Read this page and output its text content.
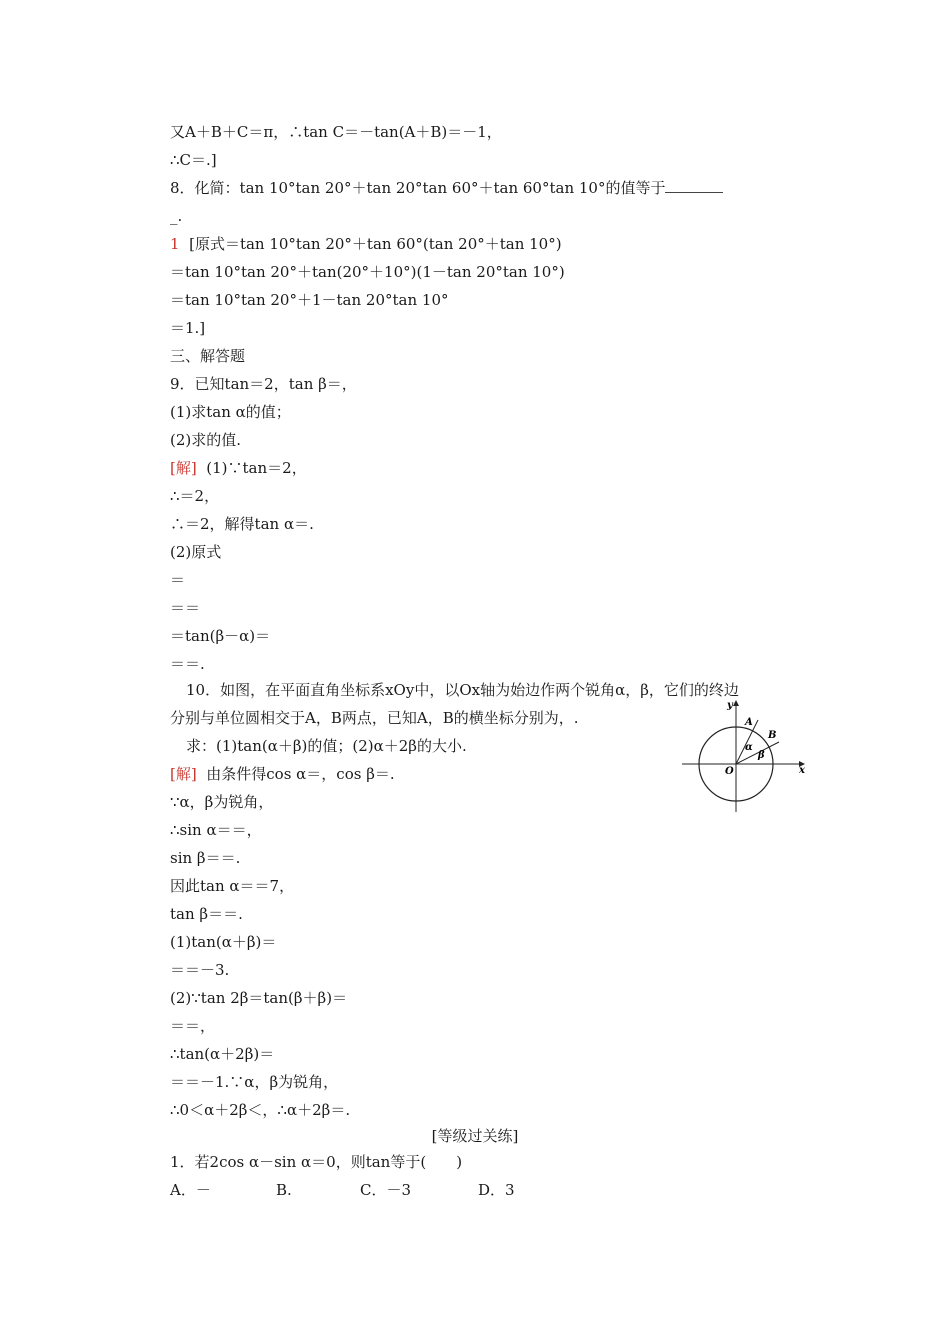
又A＋B＋C＝π，∴tan C＝－tan(A＋B)＝－1，
∴C＝.]
8．化简：tan 10°tan 20°＋tan 20°tan 60°＋tan 60°tan 10°的值等于
_.
1 [原式＝tan 10°tan 20°＋tan 60°(tan 20°＋tan 10°)
＝tan 10°tan 20°＋tan(20°＋10°)(1－tan 20°tan 10°)
＝tan 10°tan 20°＋1－tan 20°tan 10°
＝1.]
三、解答题
9．已知tan＝2，tan β＝，
(1)求tan α的值；
(2)求的值.
[解] (1)∵tan＝2，
∴＝2，
∴＝2，解得tan α＝.
(2)原式
＝
＝＝
＝tan(β－α)＝
＝＝.
10．如图，在平面直角坐标系xOy中，以Ox轴为始边作两个锐角α，β，它们的终边
分别与单位圆相交于A，B两点，已知A，B的横坐标分别为，.
求：(1)tan(α＋β)的值；(2)α＋2β的大小.
[解] 由条件得cos α＝，cos β＝.
∵α，β为锐角，
∴sin α＝＝，
sin β＝＝.
因此tan α＝＝7，
tan β＝＝.
(1)tan(α＋β)＝
＝＝－3.
(2)∵tan 2β＝tan(β＋β)＝
＝＝，
∴tan(α＋2β)＝
＝＝－1.∵α，β为锐角，
∴0＜α＋2β＜，∴α＋2β＝.
y
x
O
A
B
α
β
[等级过关练]
1．若2cos α－sin α＝0，则tan等于(　　)
A．－	B.	C．－3	D．3
